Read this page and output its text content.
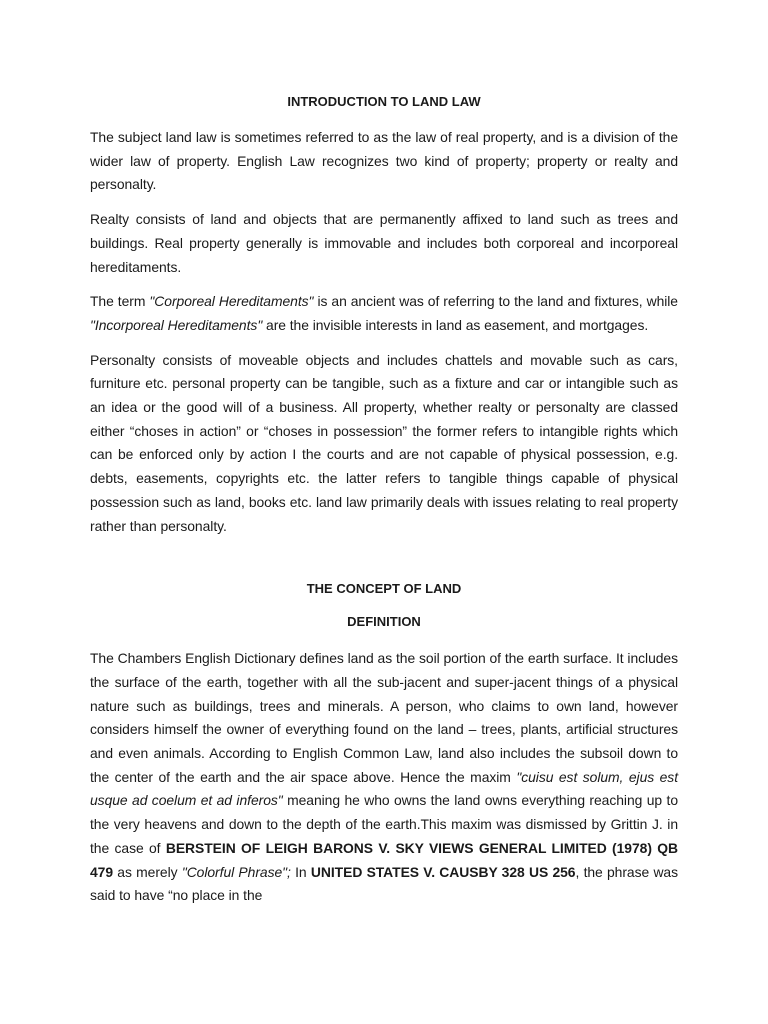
INTRODUCTION TO LAND LAW

The subject land law is sometimes referred to as the law of real property, and is a division of the wider law of property. English Law recognizes two kind of property; property or realty and personalty.

Realty consists of land and objects that are permanently affixed to land such as trees and buildings. Real property generally is immovable and includes both corporeal and incorporeal hereditaments.

The term "Corporeal Hereditaments" is an ancient was of referring to the land and fixtures, while "Incorporeal Hereditaments" are the invisible interests in land as easement, and mortgages.

Personalty consists of moveable objects and includes chattels and movable such as cars, furniture etc. personal property can be tangible, such as a fixture and car or intangible such as an idea or the good will of a business. All property, whether realty or personalty are classed either “choses in action” or “choses in possession” the former refers to intangible rights which can be enforced only by action I the courts and are not capable of physical possession, e.g. debts, easements, copyrights etc. the latter refers to tangible things capable of physical possession such as land, books etc. land law primarily deals with issues relating to real property rather than personalty.

THE CONCEPT OF LAND
DEFINITION

The Chambers English Dictionary defines land as the soil portion of the earth surface. It includes the surface of the earth, together with all the sub-jacent and super-jacent things of a physical nature such as buildings, trees and minerals. A person, who claims to own land, however considers himself the owner of everything found on the land – trees, plants, artificial structures and even animals. According to English Common Law, land also includes the subsoil down to the center of the earth and the air space above. Hence the maxim "cuisu est solum, ejus est usque ad coelum et ad inferos" meaning he who owns the land owns everything reaching up to the very heavens and down to the depth of the earth.This maxim was dismissed by Grittin J. in the case of BERSTEIN OF LEIGH BARONS V. SKY VIEWS GENERAL LIMITED (1978) QB 479 as merely "Colorful Phrase"; In UNITED STATES V. CAUSBY 328 US 256, the phrase was said to have “no place in the
